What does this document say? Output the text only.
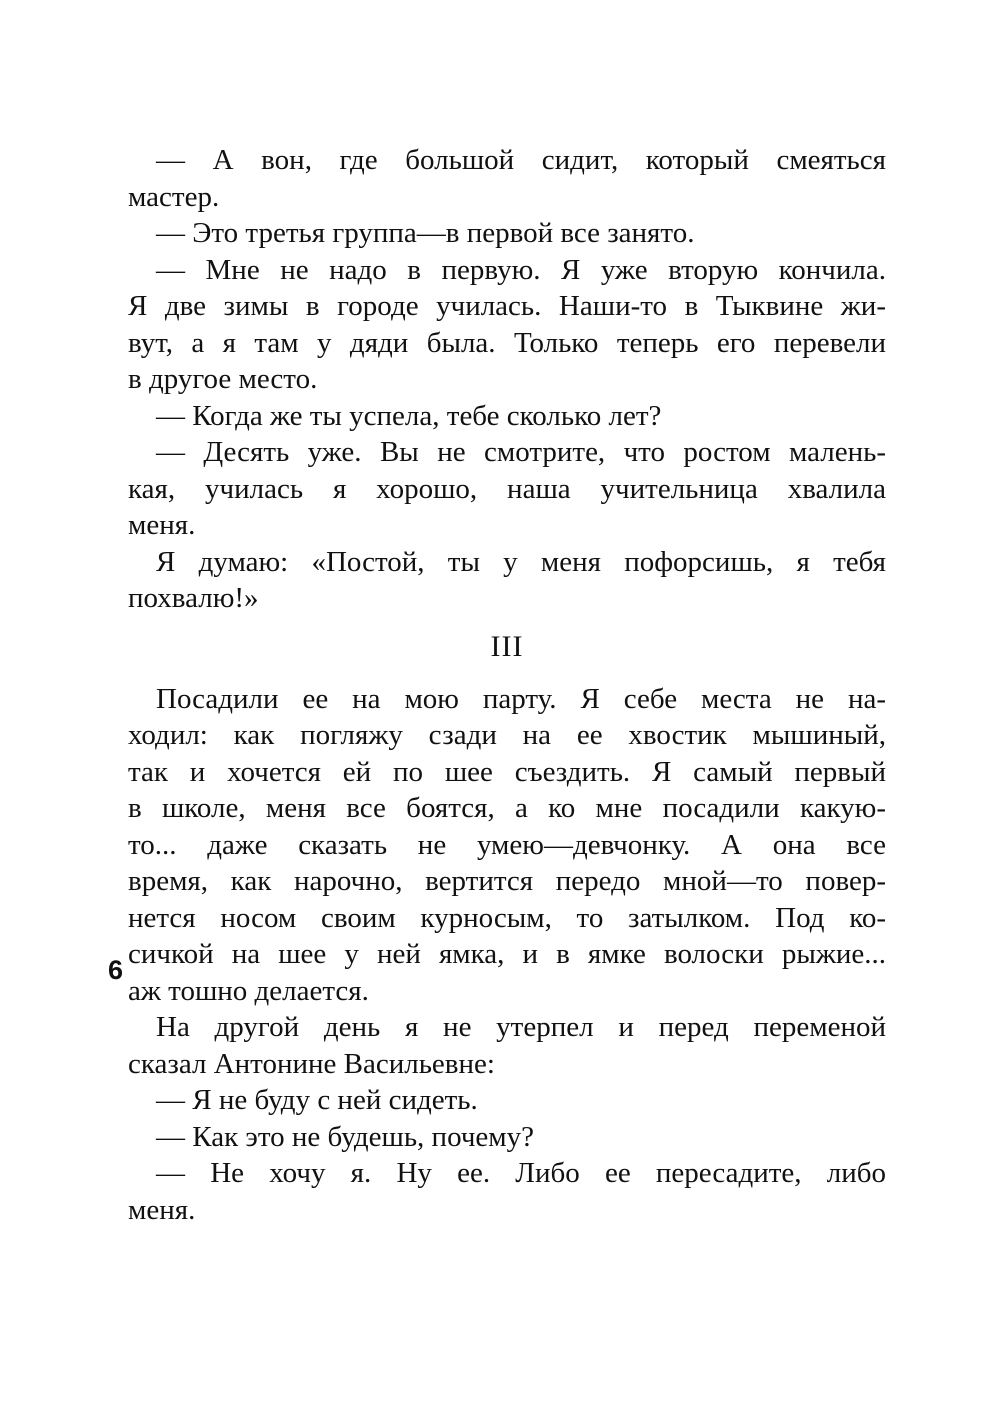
— А вон, где большой сидит, который смеяться
мастер.
— Это третья группа—в первой все занято.
— Мне не надо в первую. Я уже вторую кончила.
Я две зимы в городе училась. Наши-то в Тыквине жи-
вут, а я там у дяди была. Только теперь его перевели
в другое место.
— Когда же ты успела, тебе сколько лет?
— Десять уже. Вы не смотрите, что ростом малень-
кая, училась я хорошо, наша учительница хвалила
меня.
Я думаю: «Постой, ты у меня пофорсишь, я тебя
похвалю!»
III
Посадили ее на мою парту. Я себе места не на-
ходил: как погляжу сзади на ее хвостик мышиный,
так и хочется ей по шее съездить. Я самый первый
в школе, меня все боятся, а ко мне посадили какую-
то... даже сказать не умею—девчонку. А она все
время, как нарочно, вертится передо мной—то повер-
нется носом своим курносым, то затылком. Под ко-
сичкой на шее у ней ямка, и в ямке волоски рыжие...
аж тошно делается.
На другой день я не утерпел и перед переменой
сказал Антонине Васильевне:
— Я не буду с ней сидеть.
— Как это не будешь, почему?
— Не хочу я. Ну ее. Либо ее пересадите, либо
меня.
6
